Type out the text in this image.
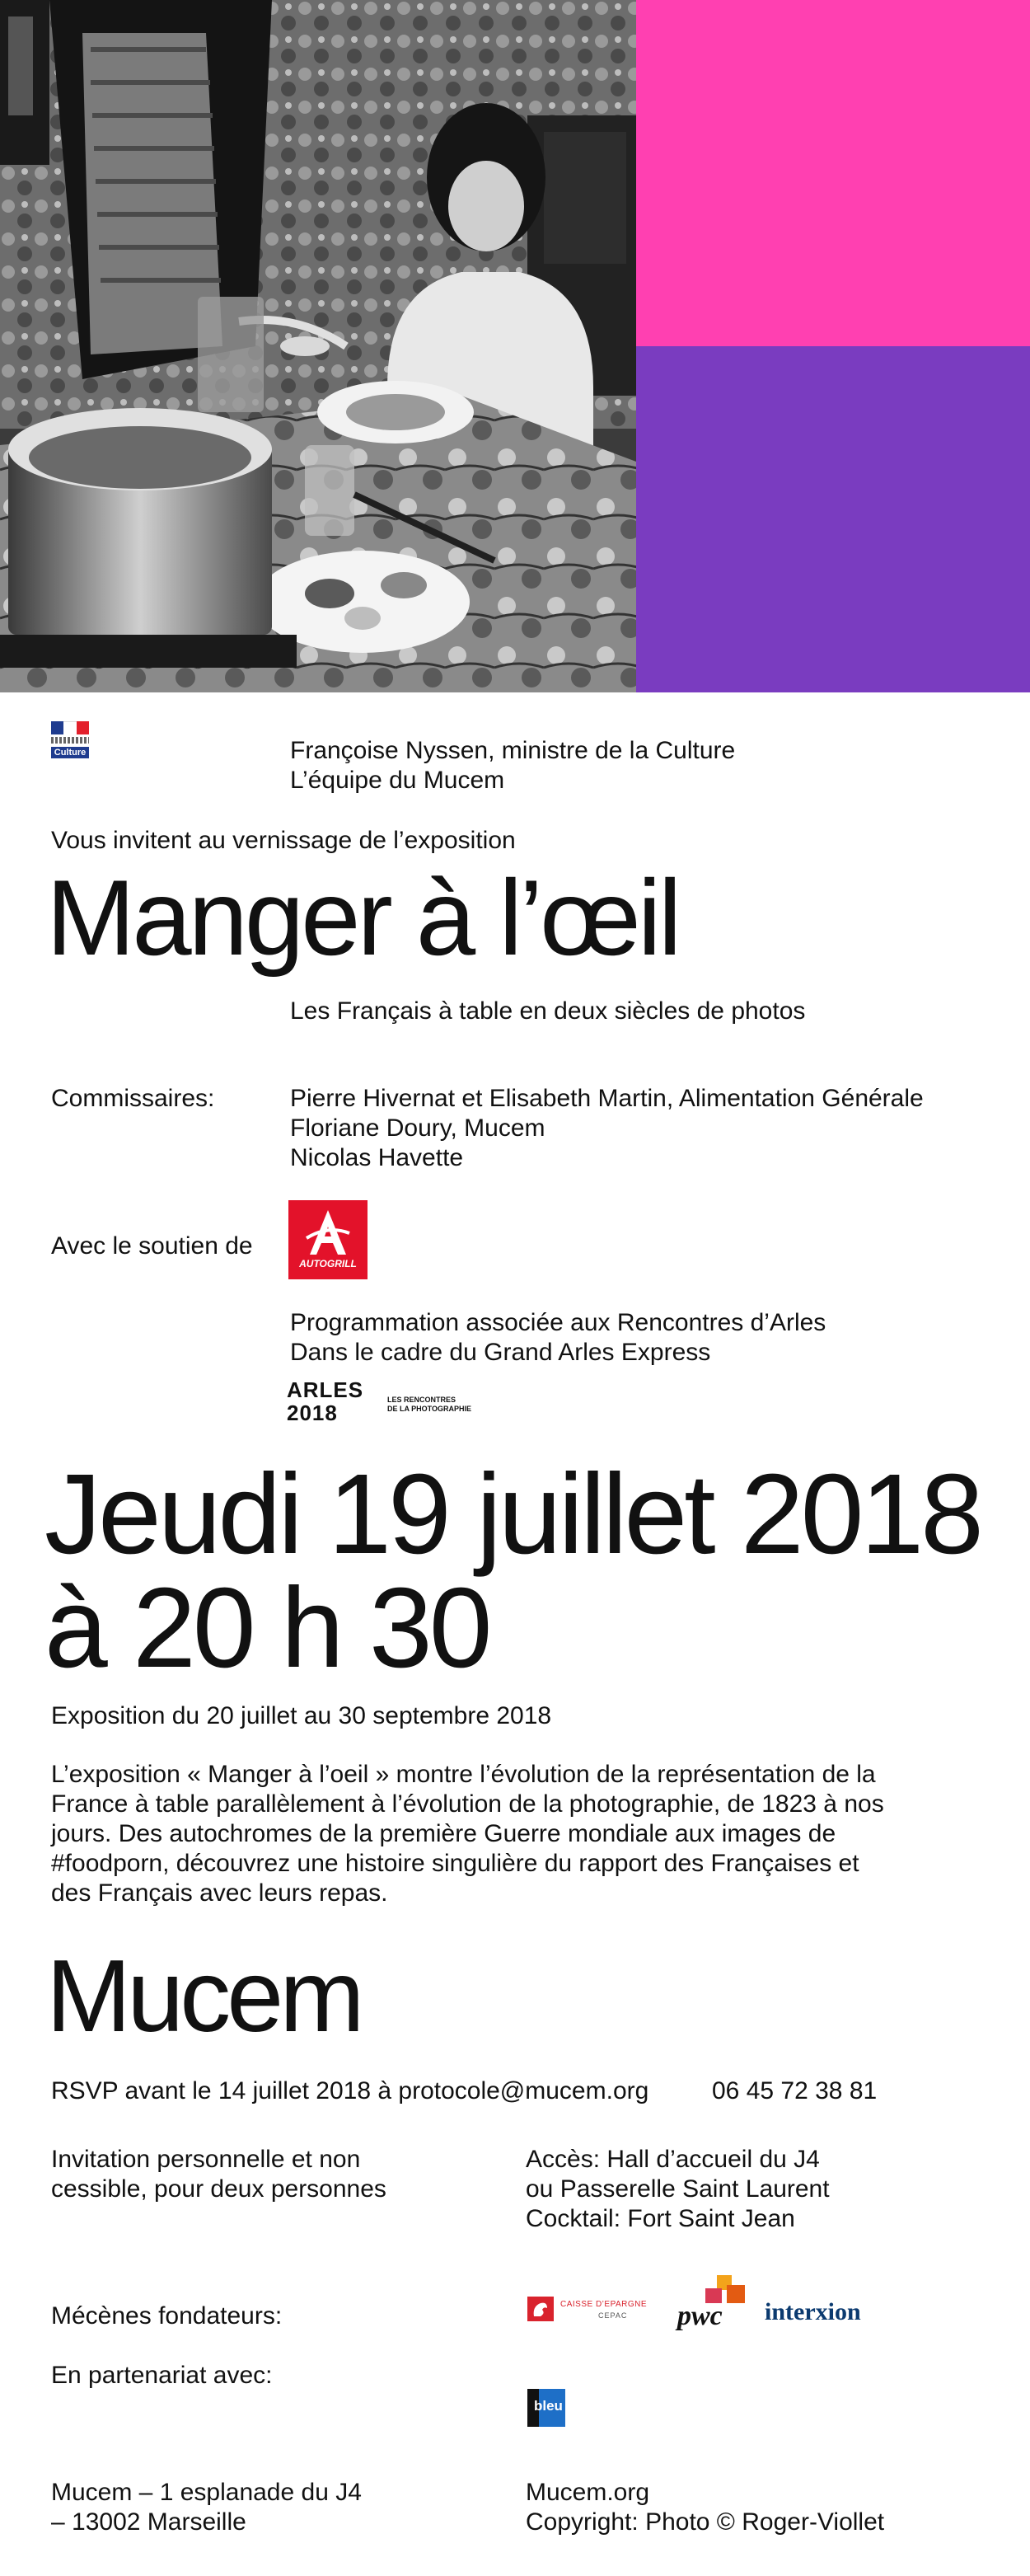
Culture	Françoise Nyssen, ministre de la Culture
L’équipe du Mucem
Vous invitent au vernissage de l’exposition
Manger à l’œil
Les Français à table en deux siècles de photos
Commissaires:	Pierre Hivernat et Elisabeth Martin, Alimentation Générale
Floriane Doury, Mucem
Nicolas Havette
Avec le soutien de
AUTOGRILL
Programmation associée aux Rencontres d’Arles
Dans le cadre du Grand Arles Express
ARLES
2018
LES RENCONTRES
DE LA PHOTOGRAPHIE
Jeudi 19 juillet 2018
à 20 h 30
Exposition du 20 juillet au 30 septembre 2018
L’exposition « Manger à l’oeil » montre l’évolution de la représentation de la
France à table parallèlement à l’évolution de la photographie, de 1823 à nos
jours. Des autochromes de la première Guerre mondiale aux images de
#foodporn, découvrez une histoire singulière du rapport des Françaises et
des Français avec leurs repas.
Mucem
RSVP avant le 14 juillet 2018 à protocole@mucem.org	06 45 72 38 81
Invitation personnelle et non
cessible, pour deux personnes
Accès: Hall d’accueil du J4
ou Passerelle Saint Laurent
Cocktail: Fort Saint Jean
Mécènes fondateurs:
En partenariat avec:
CAISSE D’EPARGNE
CEPAC pwc interxion
bleu
Mucem – 1 esplanade du J4
– 13002 Marseille
Mucem.org
Copyright: Photo © Roger-Viollet
